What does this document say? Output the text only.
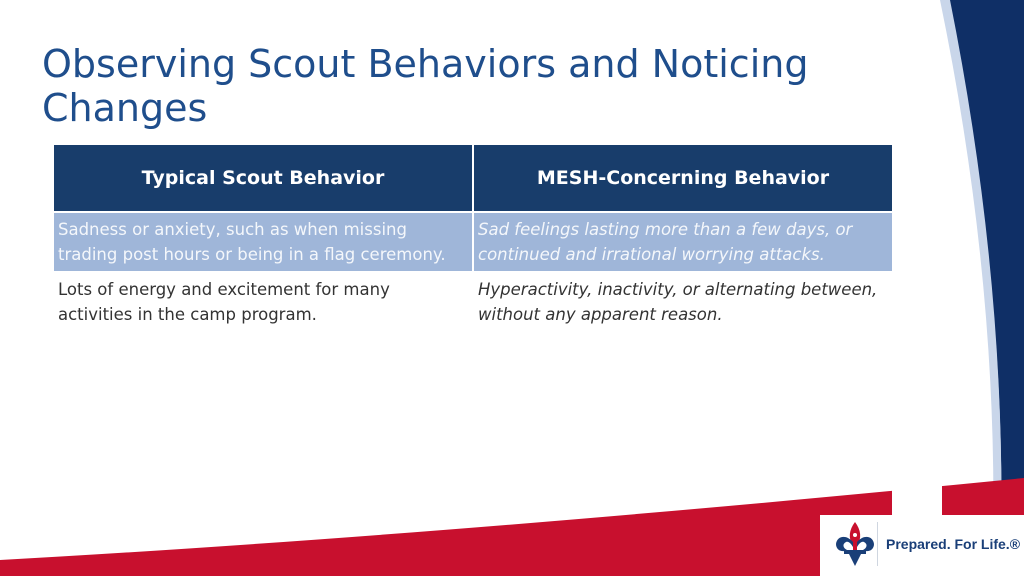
Observing Scout Behaviors and Noticing Changes
Typical Scout Behavior	MESH-Concerning Behavior
Sadness or anxiety, such as when missing trading post hours or being in a flag ceremony.	Sad feelings lasting more than a few days, or continued and irrational worrying attacks.
Lots of energy and excitement for many activities in the camp program.	Hyperactivity, inactivity, or alternating between, without any apparent reason.
Prepared. For Life.®
